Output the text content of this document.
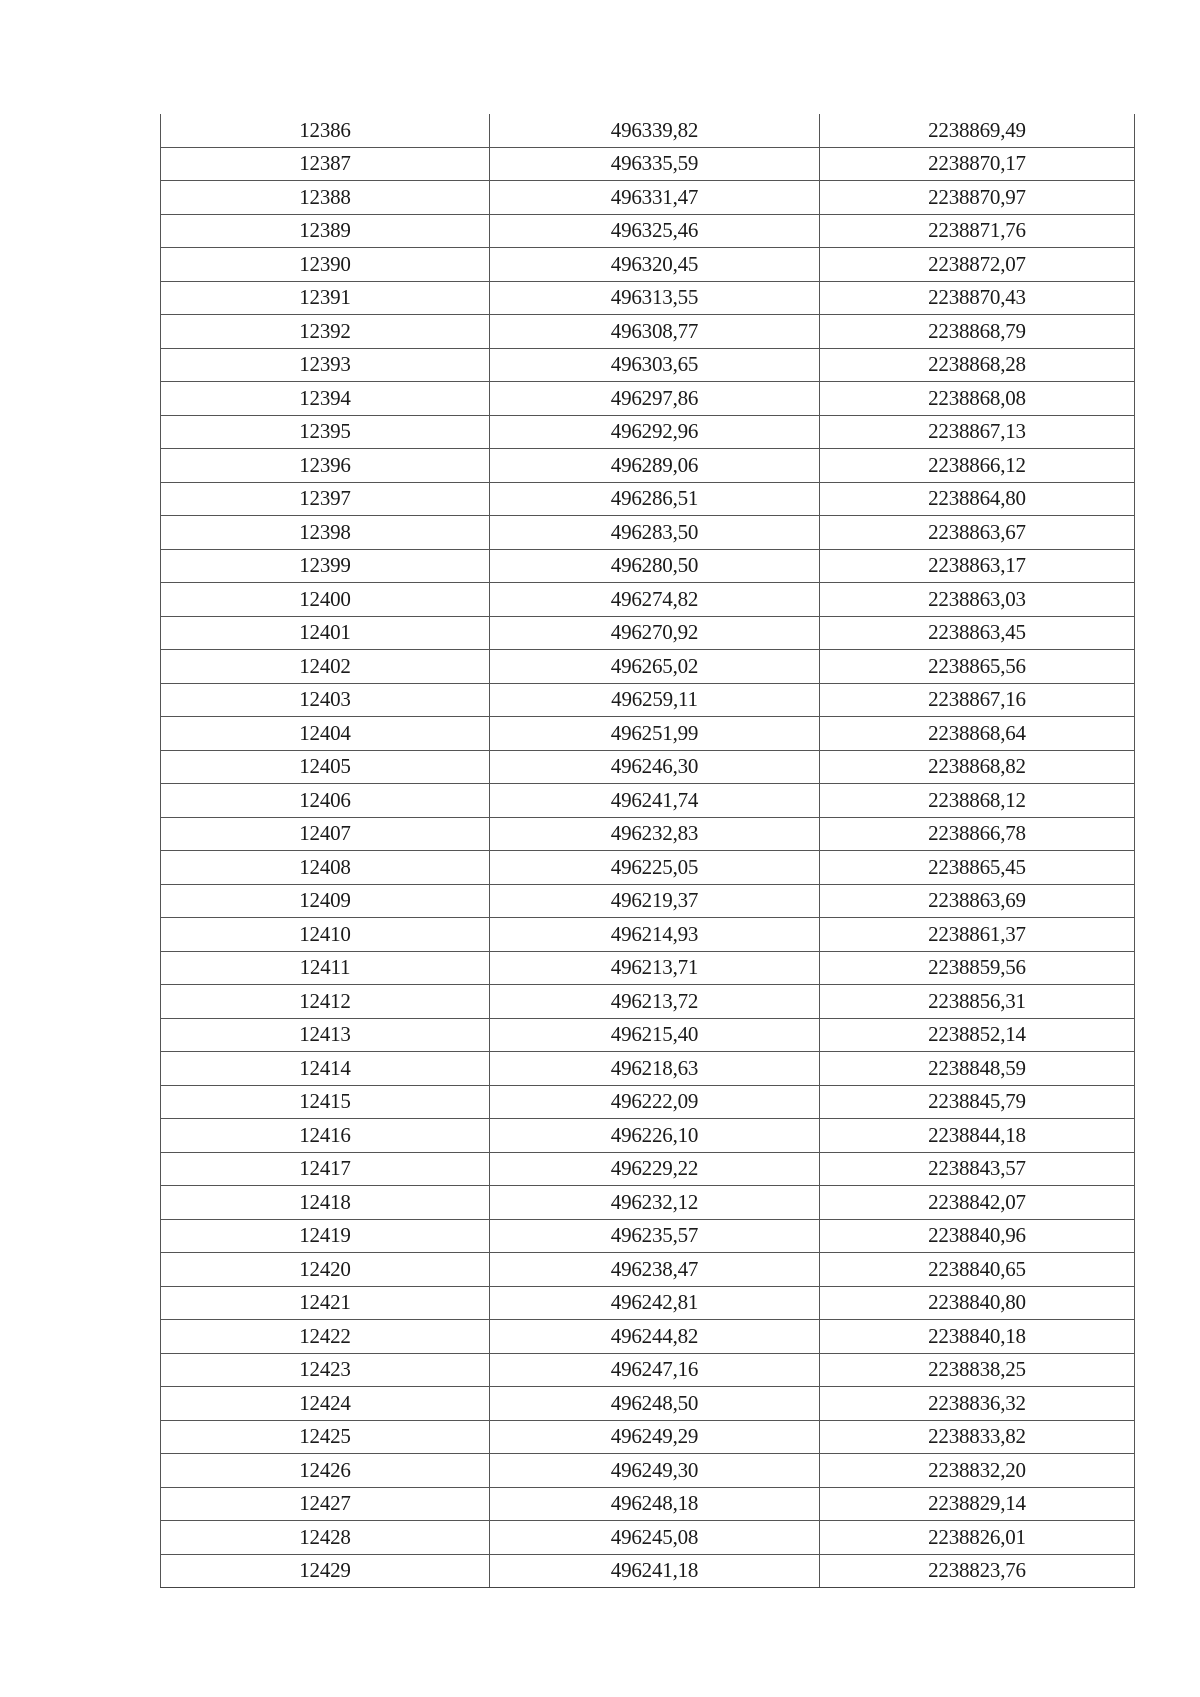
12386	496339,82	2238869,49
12387	496335,59	2238870,17
12388	496331,47	2238870,97
12389	496325,46	2238871,76
12390	496320,45	2238872,07
12391	496313,55	2238870,43
12392	496308,77	2238868,79
12393	496303,65	2238868,28
12394	496297,86	2238868,08
12395	496292,96	2238867,13
12396	496289,06	2238866,12
12397	496286,51	2238864,80
12398	496283,50	2238863,67
12399	496280,50	2238863,17
12400	496274,82	2238863,03
12401	496270,92	2238863,45
12402	496265,02	2238865,56
12403	496259,11	2238867,16
12404	496251,99	2238868,64
12405	496246,30	2238868,82
12406	496241,74	2238868,12
12407	496232,83	2238866,78
12408	496225,05	2238865,45
12409	496219,37	2238863,69
12410	496214,93	2238861,37
12411	496213,71	2238859,56
12412	496213,72	2238856,31
12413	496215,40	2238852,14
12414	496218,63	2238848,59
12415	496222,09	2238845,79
12416	496226,10	2238844,18
12417	496229,22	2238843,57
12418	496232,12	2238842,07
12419	496235,57	2238840,96
12420	496238,47	2238840,65
12421	496242,81	2238840,80
12422	496244,82	2238840,18
12423	496247,16	2238838,25
12424	496248,50	2238836,32
12425	496249,29	2238833,82
12426	496249,30	2238832,20
12427	496248,18	2238829,14
12428	496245,08	2238826,01
12429	496241,18	2238823,76
